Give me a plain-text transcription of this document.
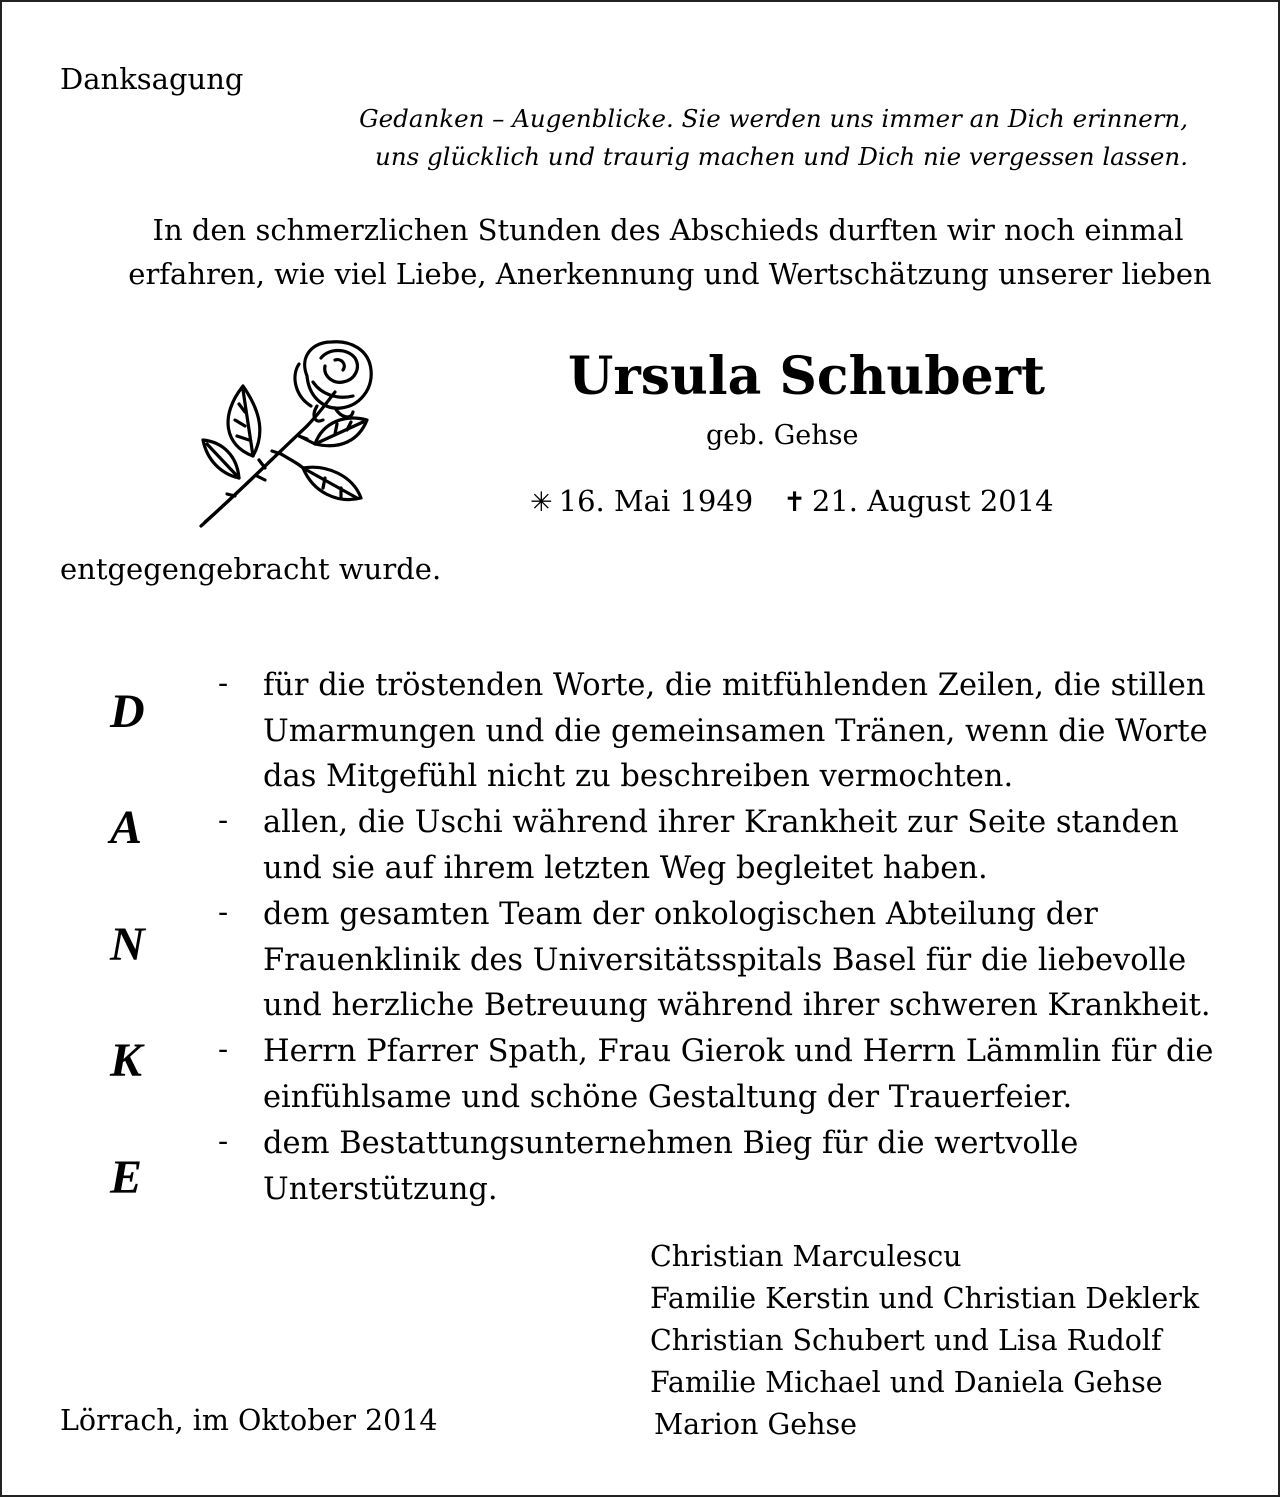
Danksagung

Gedanken – Augenblicke. Sie werden uns immer an Dich erinnern,
uns glücklich und traurig machen und Dich nie vergessen lassen.

In den schmerzlichen Stunden des Abschieds durften wir noch einmal

erfahren, wie viel Liebe, Anerkennung und Wertschätzung unserer lieben

Ursula Schubert

geb. Gehse

✳ 16. Mai 1949 ✝ 21. August 2014

entgegengebracht wurde.

D
A
N
K
E
-
-
-
-
-
für die tröstenden Worte, die mitfühlenden Zeilen, die stillen
Umarmungen und die gemeinsamen Tränen, wenn die Worte
das Mitgefühl nicht zu beschreiben vermochten.
allen, die Uschi während ihrer Krankheit zur Seite standen
und sie auf ihrem letzten Weg begleitet haben.
dem gesamten Team der onkologischen Abteilung der
Frauenklinik des Universitätsspitals Basel für die liebevolle
und herzliche Betreuung während ihrer schweren Krankheit.
Herrn Pfarrer Spath, Frau Gierok und Herrn Lämmlin für die
einfühlsame und schöne Gestaltung der Trauerfeier.
dem Bestattungsunternehmen Bieg für die wertvolle
Unterstützung.
Christian Marculescu
Familie Kerstin und Christian Deklerk
Christian Schubert und Lisa Rudolf
Familie Michael und Daniela Gehse
Marion Gehse

Lörrach, im Oktober 2014
